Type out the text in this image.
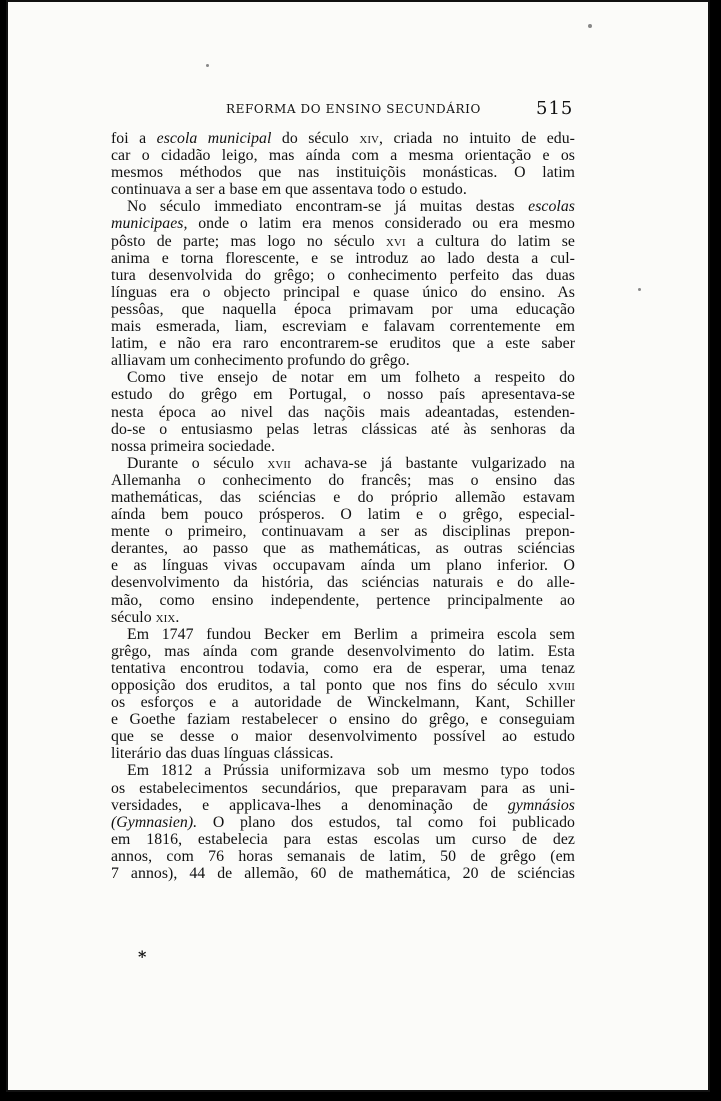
REFORMA DO ENSINO SECUNDÁRIO	515
foi a escola municipal do século xiv, criada no intuito de edu-
car o cidadão leigo, mas aínda com a mesma orientação e os
mesmos méthodos que nas instituiçõis monásticas. O latim
continuava a ser a base em que assentava todo o estudo.
No século immediato encontram-se já muitas destas escolas
municipaes, onde o latim era menos considerado ou era mesmo
pôsto de parte; mas logo no século xvi a cultura do latim se
anima e torna florescente, e se introduz ao lado desta a cul-
tura desenvolvida do grêgo; o conhecimento perfeito das duas
línguas era o objecto principal e quase único do ensino. As
pessôas, que naquella época primavam por uma educação
mais esmerada, liam, escreviam e falavam correntemente em
latim, e não era raro encontrarem-se eruditos que a este saber
alliavam um conhecimento profundo do grêgo.
Como tive ensejo de notar em um folheto a respeito do
estudo do grêgo em Portugal, o nosso país apresentava-se
nesta época ao nivel das naçõis mais adeantadas, estenden-
do-se o entusiasmo pelas letras clássicas até às senhoras da
nossa primeira sociedade.
Durante o século xvii achava-se já bastante vulgarizado na
Allemanha o conhecimento do francês; mas o ensino das
mathemáticas, das sciéncias e do próprio allemão estavam
aínda bem pouco prósperos. O latim e o grêgo, especial-
mente o primeiro, continuavam a ser as disciplinas prepon-
derantes, ao passo que as mathemáticas, as outras sciéncias
e as línguas vivas occupavam aínda um plano inferior. O
desenvolvimento da história, das sciéncias naturais e do alle-
mão, como ensino independente, pertence principalmente ao
século xix.
Em 1747 fundou Becker em Berlim a primeira escola sem
grêgo, mas aínda com grande desenvolvimento do latim. Esta
tentativa encontrou todavia, como era de esperar, uma tenaz
opposição dos eruditos, a tal ponto que nos fins do século xviii
os esforços e a autoridade de Winckelmann, Kant, Schiller
e Goethe faziam restabelecer o ensino do grêgo, e conseguiam
que se desse o maior desenvolvimento possível ao estudo
literário das duas línguas clássicas.
Em 1812 a Prússia uniformizava sob um mesmo typo todos
os estabelecimentos secundários, que preparavam para as uni-
versidades, e applicava-lhes a denominação de gymnásios
(Gymnasien). O plano dos estudos, tal como foi publicado
em 1816, estabelecia para estas escolas um curso de dez
annos, com 76 horas semanais de latim, 50 de grêgo (em
7 annos), 44 de allemão, 60 de mathemática, 20 de sciéncias
*
